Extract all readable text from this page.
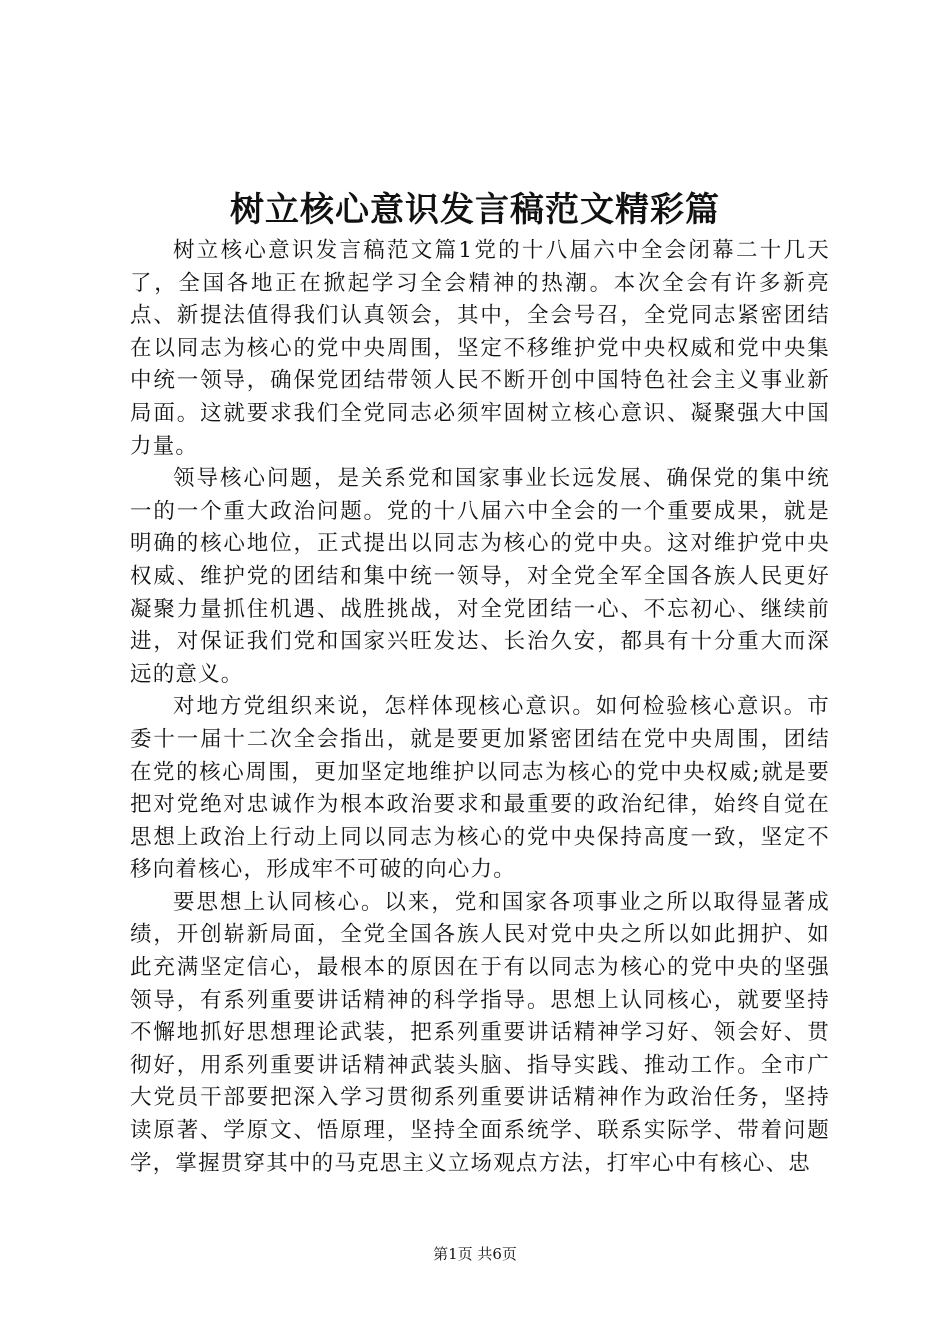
树立核心意识发言稿范文精彩篇

树立核心意识发言稿范文篇1党的十八届六中全会闭幕二十几天了，全国各地正在掀起学习全会精神的热潮。本次全会有许多新亮点、新提法值得我们认真领会，其中，全会号召，全党同志紧密团结在以同志为核心的党中央周围，坚定不移维护党中央权威和党中央集中统一领导，确保党团结带领人民不断开创中国特色社会主义事业新局面。这就要求我们全党同志必须牢固树立核心意识、凝聚强大中国力量。

领导核心问题，是关系党和国家事业长远发展、确保党的集中统一的一个重大政治问题。党的十八届六中全会的一个重要成果，就是明确的核心地位，正式提出以同志为核心的党中央。这对维护党中央权威、维护党的团结和集中统一领导，对全党全军全国各族人民更好凝聚力量抓住机遇、战胜挑战，对全党团结一心、不忘初心、继续前进，对保证我们党和国家兴旺发达、长治久安，都具有十分重大而深远的意义。

对地方党组织来说，怎样体现核心意识。如何检验核心意识。市委十一届十二次全会指出，就是要更加紧密团结在党中央周围，团结在党的核心周围，更加坚定地维护以同志为核心的党中央权威;就是要把对党绝对忠诚作为根本政治要求和最重要的政治纪律，始终自觉在思想上政治上行动上同以同志为核心的党中央保持高度一致，坚定不移向着核心，形成牢不可破的向心力。

要思想上认同核心。以来，党和国家各项事业之所以取得显著成绩，开创崭新局面，全党全国各族人民对党中央之所以如此拥护、如此充满坚定信心，最根本的原因在于有以同志为核心的党中央的坚强领导，有系列重要讲话精神的科学指导。思想上认同核心，就要坚持不懈地抓好思想理论武装，把系列重要讲话精神学习好、领会好、贯彻好，用系列重要讲话精神武装头脑、指导实践、推动工作。全市广大党员干部要把深入学习贯彻系列重要讲话精神作为政治任务，坚持读原著、学原文、悟原理，坚持全面系统学、联系实际学、带着问题学，掌握贯穿其中的马克思主义立场观点方法，打牢心中有核心、忠

第1页 共6页
